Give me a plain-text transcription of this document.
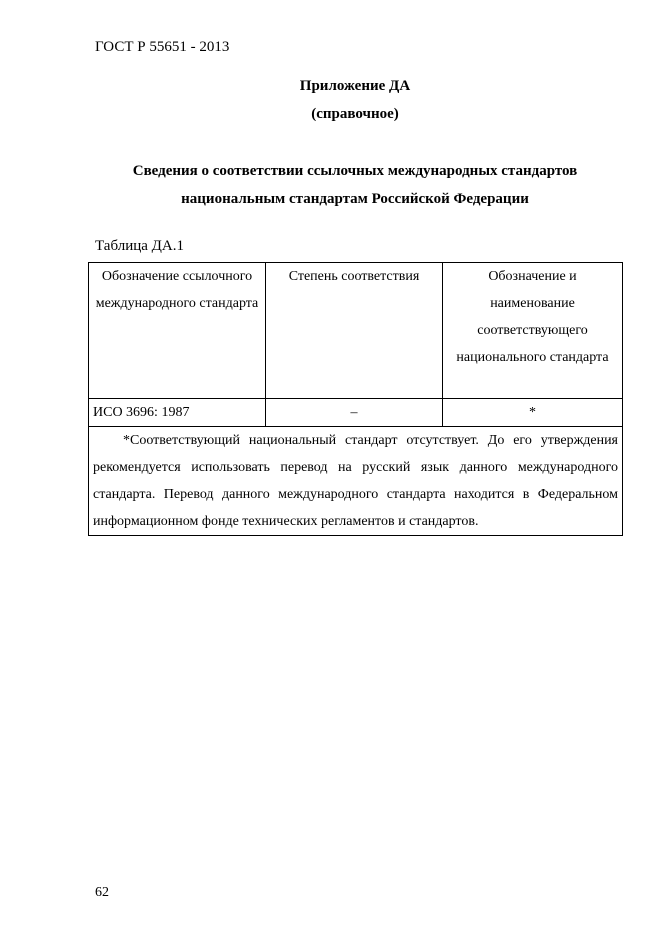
ГОСТ Р 55651 - 2013
Приложение ДА
(справочное)
Сведения о соответствии ссылочных международных стандартов национальным стандартам Российской Федерации
Таблица ДА.1
Обозначение ссылочного международного стандарта	Степень соответствия	Обозначение и наименование соответствующего национального стандарта
ИСО 3696: 1987	–	*

*Соответствующий национальный стандарт отсутствует. До его утверждения рекомендуется использовать перевод на русский язык данного международного стандарта. Перевод данного международного стандарта находится в Федеральном информационном фонде технических регламентов и стандартов.		
62
